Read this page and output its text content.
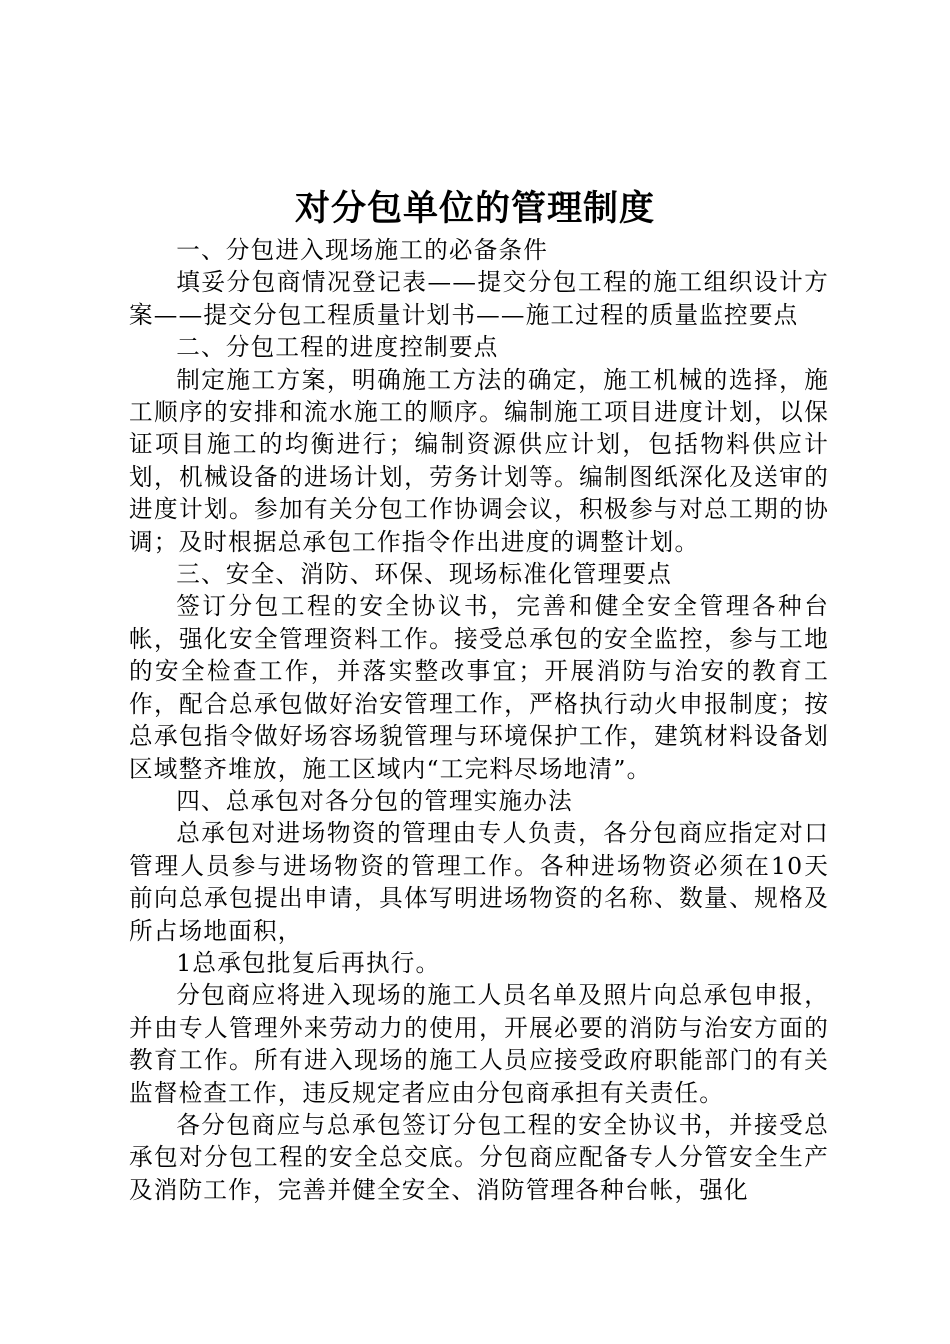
对分包单位的管理制度

一、分包进入现场施工的必备条件

填妥分包商情况登记表——提交分包工程的施工组织设计方案——提交分包工程质量计划书——施工过程的质量监控要点

二、分包工程的进度控制要点

制定施工方案，明确施工方法的确定，施工机械的选择，施工顺序的安排和流水施工的顺序。编制施工项目进度计划，以保证项目施工的均衡进行；编制资源供应计划，包括物料供应计划，机械设备的进场计划，劳务计划等。编制图纸深化及送审的进度计划。参加有关分包工作协调会议，积极参与对总工期的协调；及时根据总承包工作指令作出进度的调整计划。

三、安全、消防、环保、现场标准化管理要点

签订分包工程的安全协议书，完善和健全安全管理各种台帐，强化安全管理资料工作。接受总承包的安全监控，参与工地的安全检查工作，并落实整改事宜；开展消防与治安的教育工作，配合总承包做好治安管理工作，严格执行动火申报制度；按总承包指令做好场容场貌管理与环境保护工作，建筑材料设备划区域整齐堆放，施工区域内“工完料尽场地清”。

四、总承包对各分包的管理实施办法

总承包对进场物资的管理由专人负责，各分包商应指定对口管理人员参与进场物资的管理工作。各种进场物资必须在10天前向总承包提出申请，具体写明进场物资的名称、数量、规格及所占场地面积，

1总承包批复后再执行。

分包商应将进入现场的施工人员名单及照片向总承包申报，并由专人管理外来劳动力的使用，开展必要的消防与治安方面的教育工作。所有进入现场的施工人员应接受政府职能部门的有关监督检查工作，违反规定者应由分包商承担有关责任。

各分包商应与总承包签订分包工程的安全协议书，并接受总承包对分包工程的安全总交底。分包商应配备专人分管安全生产及消防工作，完善并健全安全、消防管理各种台帐，强化
